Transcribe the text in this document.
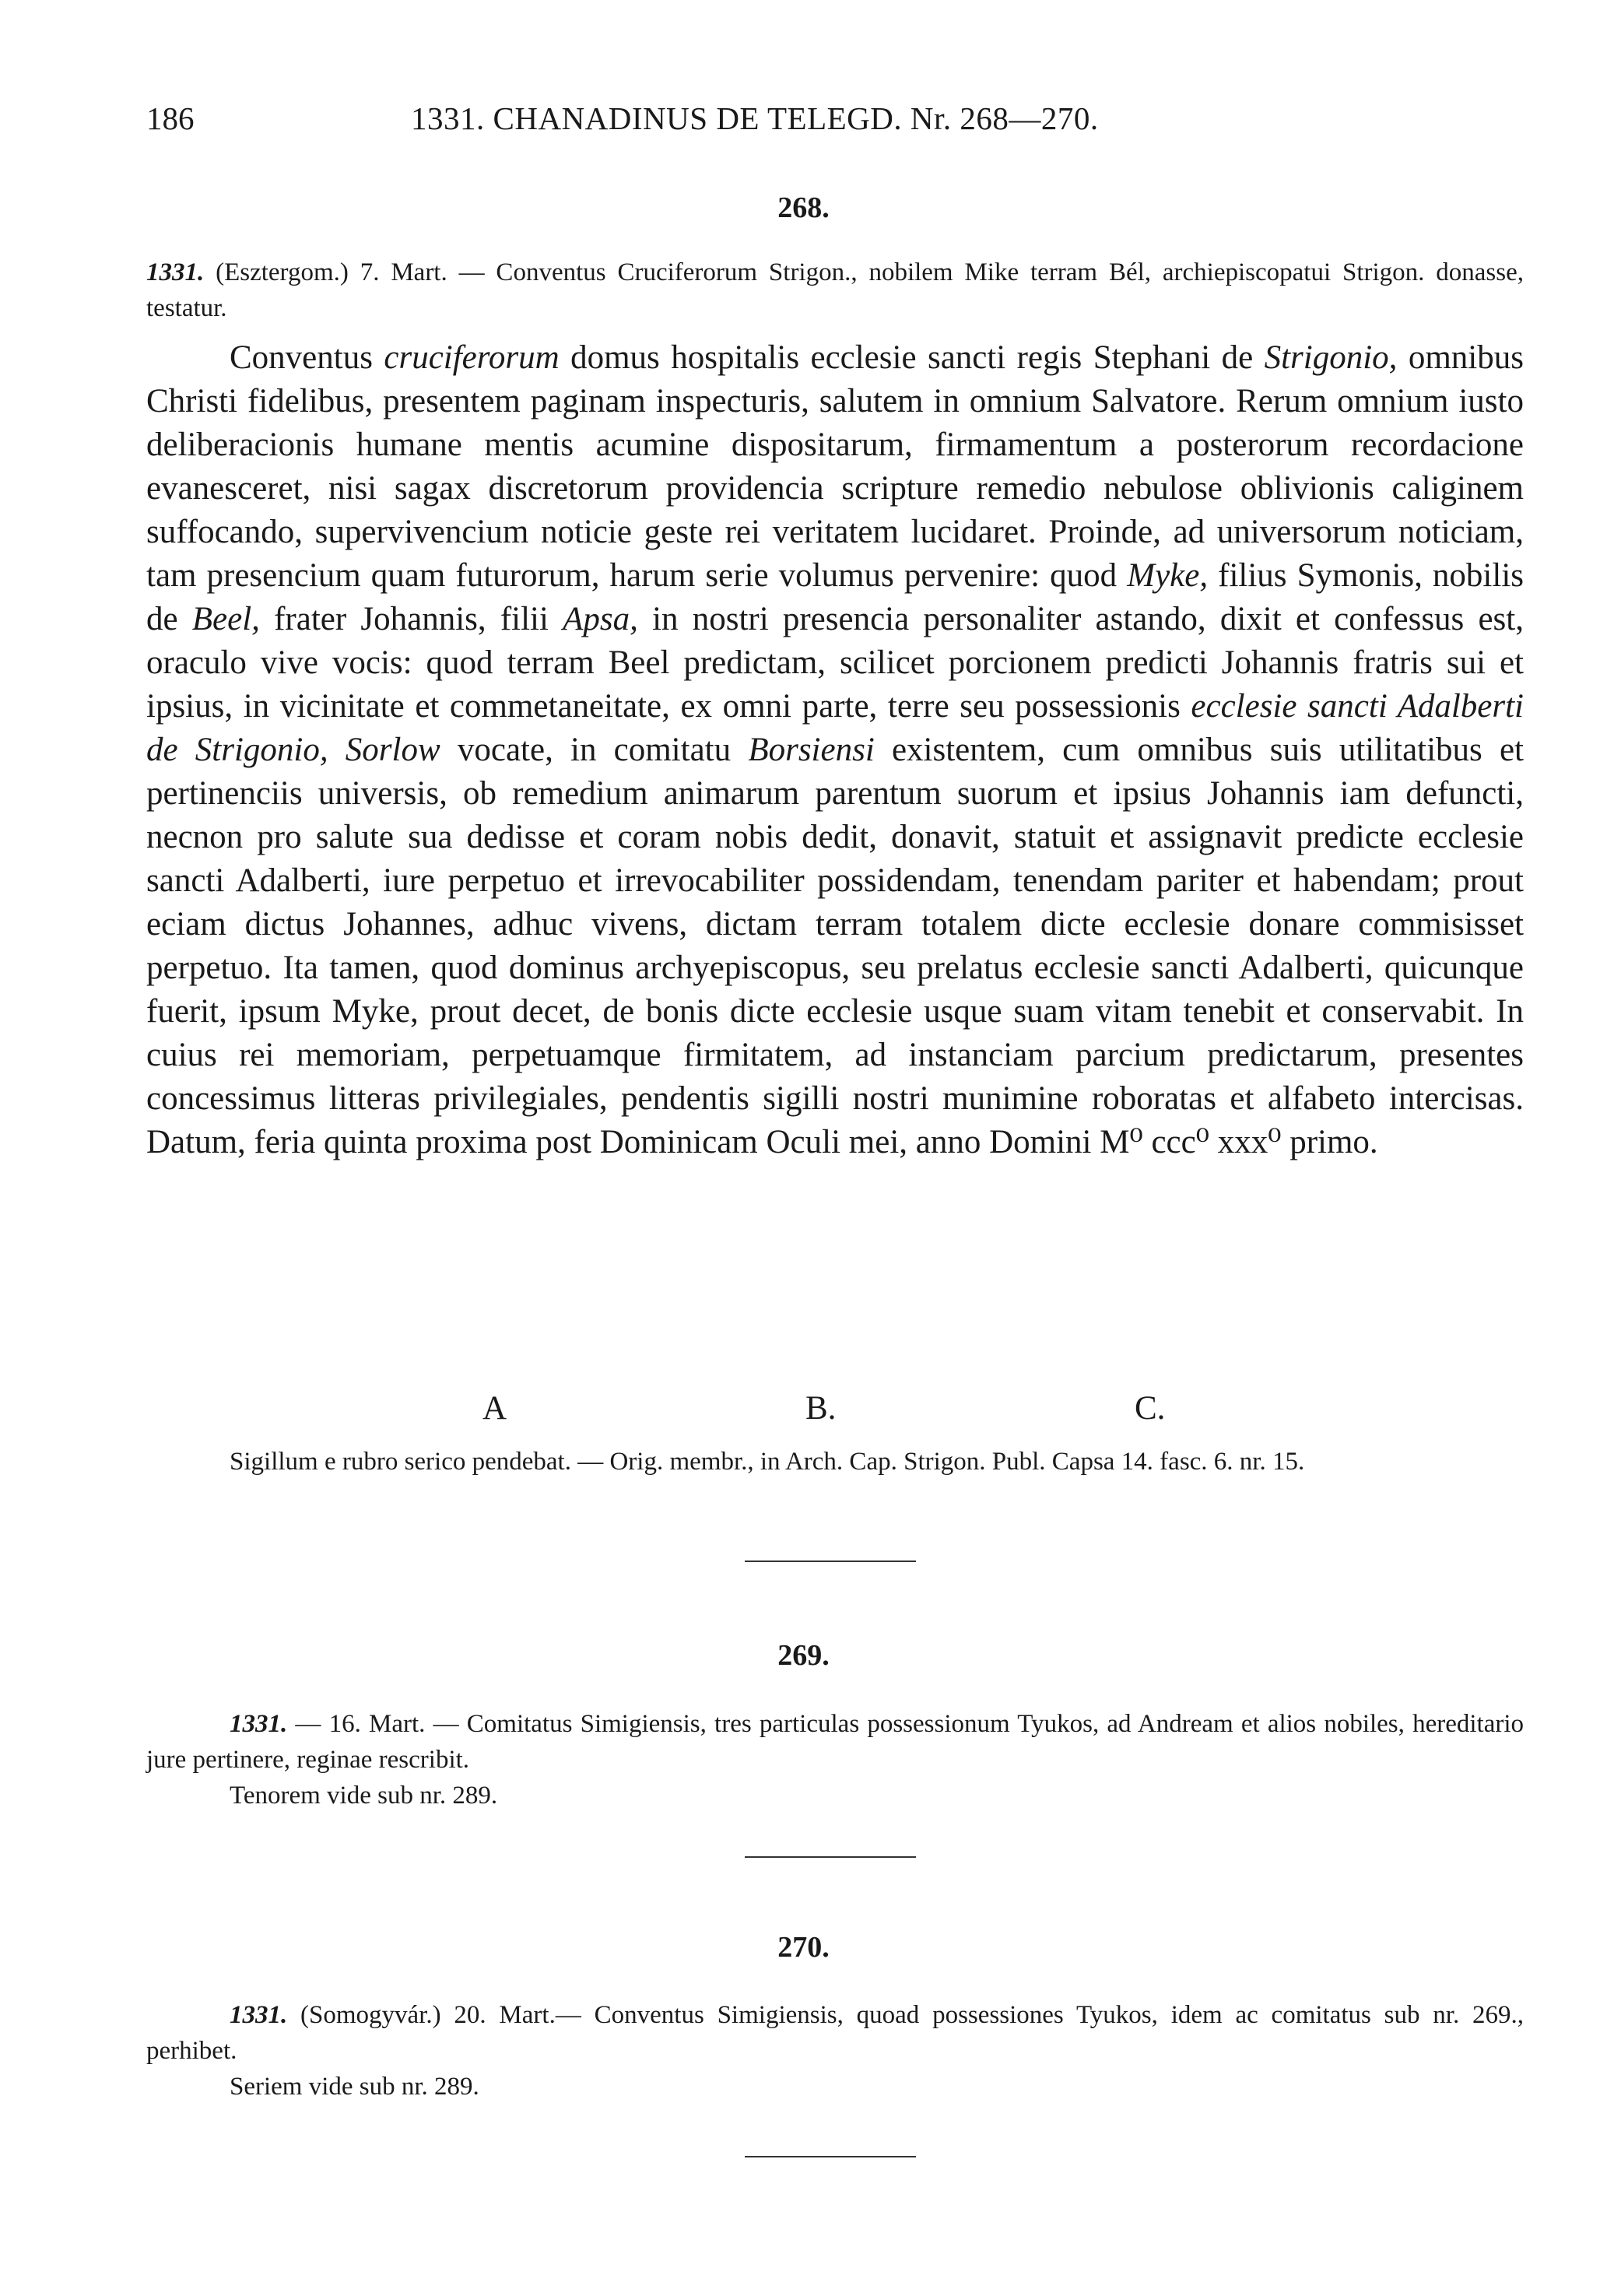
186	1331. CHANADINUS DE TELEGD. Nr. 268—270.
268.
1331. (Esztergom.) 7. Mart. — Conventus Cruciferorum Strigon., nobilem Mike terram Bél, archiepiscopatui Strigon. donasse, testatur.
Conventus cruciferorum domus hospitalis ecclesie sancti regis Stephani de Strigonio, omnibus Christi fidelibus, presentem paginam inspecturis, salutem in omnium Salvatore. Rerum omnium iusto deliberacionis humane mentis acumine dispositarum, firmamentum a posterorum recordacione evanesceret, nisi sagax discretorum providencia scripture remedio nebulose oblivionis caliginem suffocando, supervivencium noticie geste rei veritatem lucidaret. Proinde, ad universorum noticiam, tam presencium quam futurorum, harum serie volumus pervenire: quod Myke, filius Symonis, nobilis de Beel, frater Johannis, filii Apsa, in nostri presencia personaliter astando, dixit et confessus est, oraculo vive vocis: quod terram Beel predictam, scilicet porcionem predicti Johannis fratris sui et ipsius, in vicinitate et commetaneitate, ex omni parte, terre seu possessionis ecclesie sancti Adalberti de Strigonio, Sorlow vocate, in comitatu Borsiensi existentem, cum omnibus suis utilitatibus et pertinenciis universis, ob remedium animarum parentum suorum et ipsius Johannis iam defuncti, necnon pro salute sua dedisse et coram nobis dedit, donavit, statuit et assignavit predicte ecclesie sancti Adalberti, iure perpetuo et irrevocabiliter possidendam, tenendam pariter et habendam; prout eciam dictus Johannes, adhuc vivens, dictam terram totalem dicte ecclesie donare commisisset perpetuo. Ita tamen, quod dominus archyepiscopus, seu prelatus ecclesie sancti Adalberti, quicunque fuerit, ipsum Myke, prout decet, de bonis dicte ecclesie usque suam vitam tenebit et conservabit. In cuius rei memoriam, perpetuamque firmitatem, ad instanciam parcium predictarum, presentes concessimus litteras privilegiales, pendentis sigilli nostri munimine roboratas et alfabeto intercisas. Datum, feria quinta proxima post Dominicam Oculi mei, anno Domini M⁰ ccc⁰ xxx⁰ primo.
A	B.	C.
Sigillum e rubro serico pendebat. — Orig. membr., in Arch. Cap. Strigon. Publ. Capsa 14. fasc. 6. nr. 15.
269.
1331. — 16. Mart. — Comitatus Simigiensis, tres particulas possessionum Tyukos, ad Andream et alios nobiles, hereditario jure pertinere, reginae rescribit.
Tenorem vide sub nr. 289.
270.
1331. (Somogyvár.) 20. Mart.— Conventus Simigiensis, quoad possessiones Tyukos, idem ac comitatus sub nr. 269., perhibet.
Seriem vide sub nr. 289.
